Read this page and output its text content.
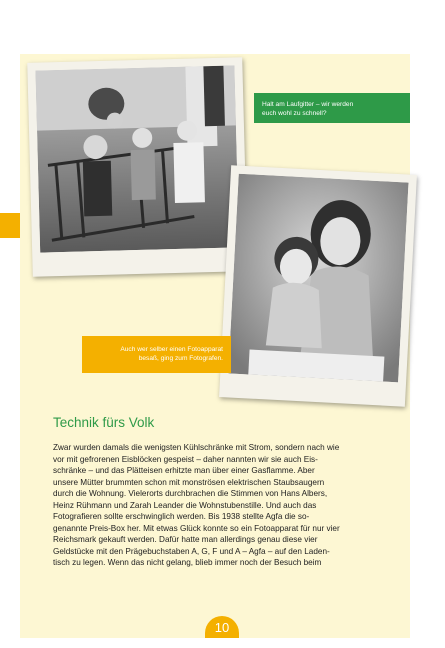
Halt am Laufgitter – wir werden
euch wohl zu schnell?
Auch wer selber einen Fotoapparat
besaß, ging zum Fotografen.
Technik fürs Volk
Zwar wurden damals die wenigsten Kühlschränke mit Strom, sondern nach wie
vor mit gefrorenen Eisblöcken gespeist – daher nannten wir sie auch Eis-
schränke – und das Plätteisen erhitzte man über einer Gasflamme. Aber
unsere Mütter brummten schon mit monströsen elektrischen Staubsaugern
durch die Wohnung. Vielerorts durchbrachen die Stimmen von Hans Albers,
Heinz Rühmann und Zarah Leander die Wohnstubenstille. Und auch das
Fotografieren sollte erschwinglich werden. Bis 1938 stellte Agfa die so-
genannte Preis-Box her. Mit etwas Glück konnte so ein Fotoapparat für nur vier
Reichsmark gekauft werden. Dafür hatte man allerdings genau diese vier
Geldstücke mit den Prägebuchstaben A, G, F und A – Agfa – auf den Laden-
tisch zu legen. Wenn das nicht gelang, blieb immer noch der Besuch beim
10
